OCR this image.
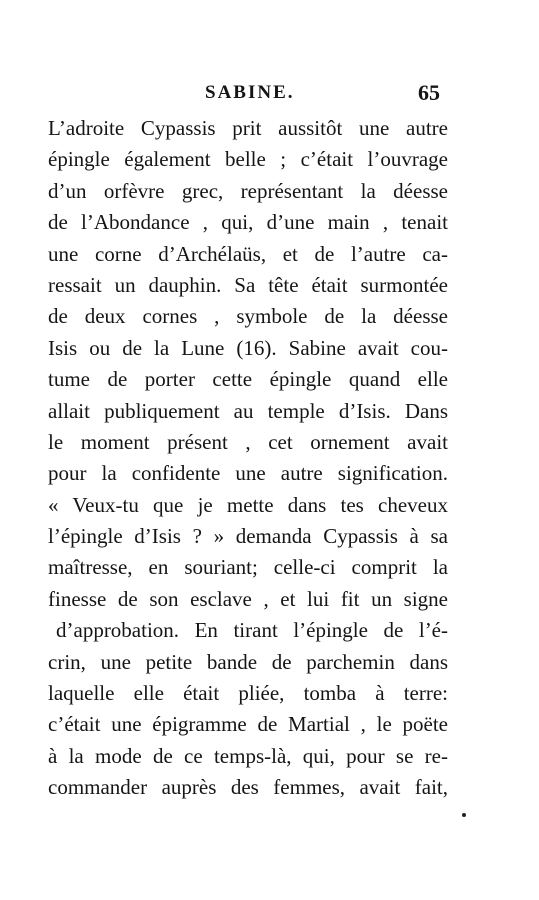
SABINE.	65
L’adroite Cypassis prit aussitôt une autre
épingle également belle ; c’était l’ouvrage
d’un orfèvre grec, représentant la déesse
de l’Abondance , qui, d’une main , tenait
une corne d’Archélaüs, et de l’autre ca-
ressait un dauphin. Sa tête était surmontée
de deux cornes , symbole de la déesse
Isis ou de la Lune (16). Sabine avait cou-
tume de porter cette épingle quand elle
allait publiquement au temple d’Isis. Dans
le moment présent , cet ornement avait
pour la confidente une autre signification.
« Veux-tu que je mette dans tes cheveux
l’épingle d’Isis ? » demanda Cypassis à sa
maîtresse, en souriant; celle-ci comprit la
finesse de son esclave , et lui fit un signe
d’approbation. En tirant l’épingle de l’é-
crin, une petite bande de parchemin dans
laquelle elle était pliée, tomba à terre:
c’était une épigramme de Martial , le poëte
à la mode de ce temps-là, qui, pour se re-
commander auprès des femmes, avait fait,
